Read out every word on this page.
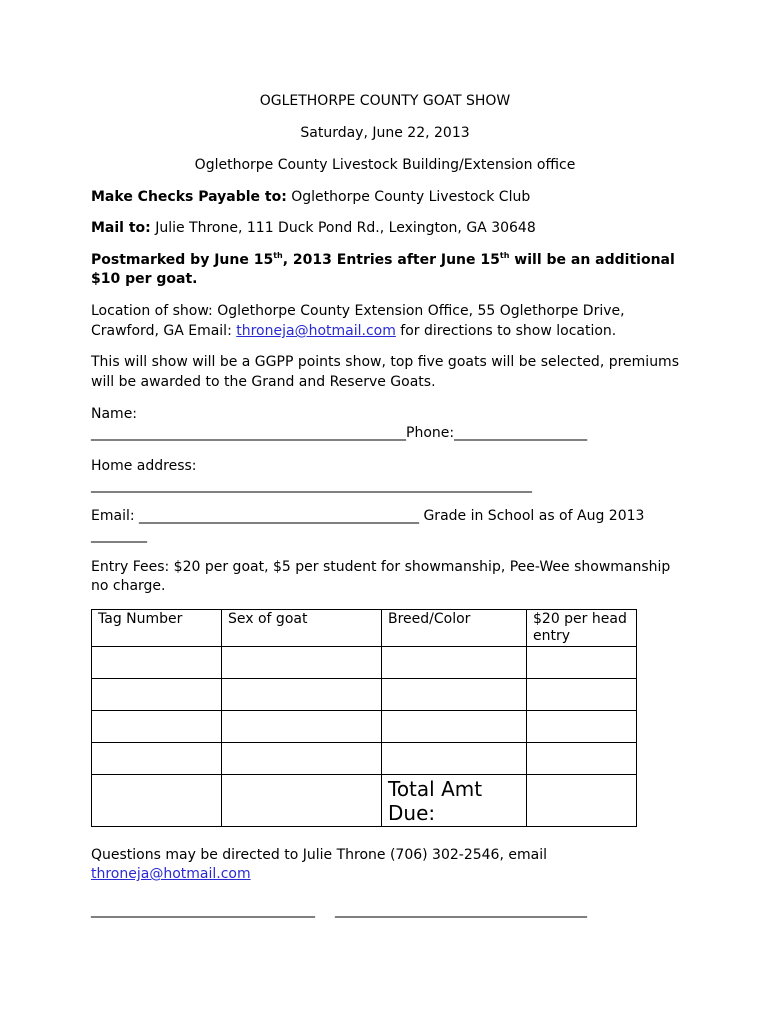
OGLETHORPE COUNTY GOAT SHOW
Saturday, June 22, 2013
Oglethorpe County Livestock Building/Extension office
Make Checks Payable to: Oglethorpe County Livestock Club
Mail to: Julie Throne, 111 Duck Pond Rd., Lexington, GA 30648
Postmarked by June 15th, 2013 Entries after June 15th will be an additional
$10 per goat.
Location of show: Oglethorpe County Extension Office, 55 Oglethorpe Drive,
Crawford, GA Email: throneja@hotmail.com for directions to show location.
This will show will be a GGPP points show, top five goats will be selected, premiums
will be awarded to the Grand and Reserve Goats.
Name:
_____________________________________________Phone:___________________
Home address:
_______________________________________________________________
Email: ________________________________________ Grade in School as of Aug 2013
________
Entry Fees: $20 per goat, $5 per student for showmanship, Pee-Wee showmanship
no charge.
Tag Number	Sex of goat	Breed/Color	$20 per head entry

		Total Amt Due:	

Questions may be directed to Julie Throne (706) 302-2546, email
throneja@hotmail.com
________________________________ ____________________________________
